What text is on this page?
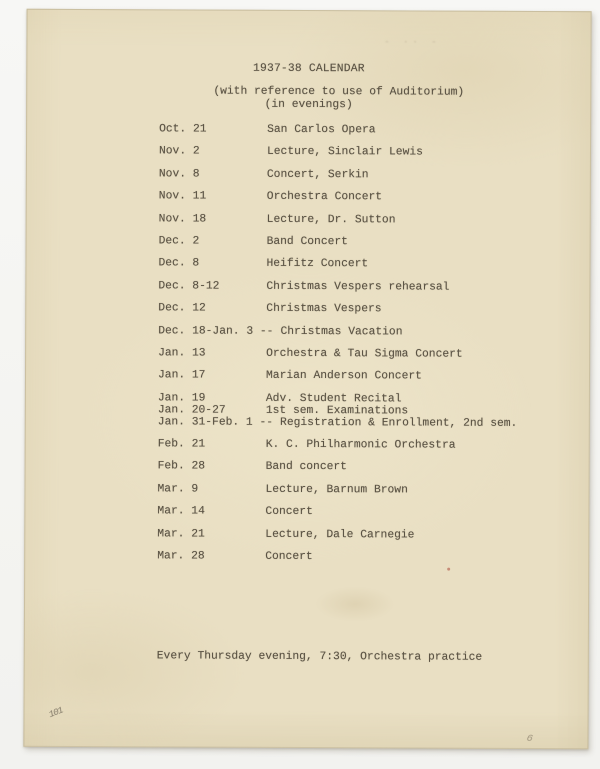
- ·· -
1937-38 CALENDAR
(with reference to use of Auditorium)
(in evenings)
Oct. 21	San Carlos Opera
Nov. 2	Lecture, Sinclair Lewis
Nov. 8	Concert, Serkin
Nov. 11	Orchestra Concert
Nov. 18	Lecture, Dr. Sutton
Dec. 2	Band Concert
Dec. 8	Heifitz Concert
Dec. 8-12	Christmas Vespers rehearsal
Dec. 12	Christmas Vespers
Dec. 18-Jan. 3 -- Christmas Vacation
Jan. 13	Orchestra & Tau Sigma Concert
Jan. 17	Marian Anderson Concert
Jan. 19	Adv. Student Recital
Jan. 20-27	1st sem. Examinations
Jan. 31-Feb. 1 -- Registration & Enrollment, 2nd sem.
Feb. 21	K. C. Philharmonic Orchestra
Feb. 28	Band concert
Mar. 9	Lecture, Barnum Brown
Mar. 14	Concert
Mar. 21	Lecture, Dale Carnegie
Mar. 28	Concert
Every Thursday evening, 7:30, Orchestra practice
101
6
